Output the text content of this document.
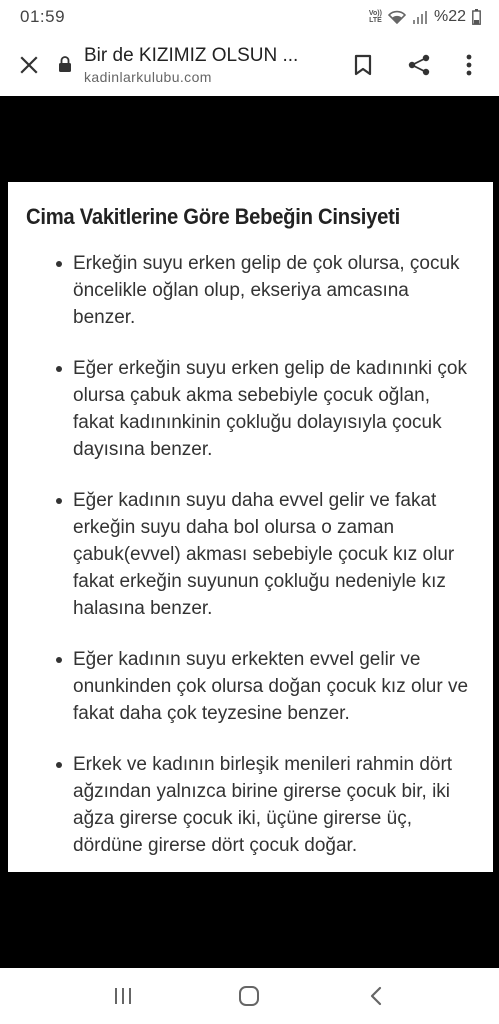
01:59	Vo))
LTE	%22
Bir de KIZIMIZ OLSUN ...
kadinlarkulubu.com
Cima Vakitlerine Göre Bebeğin Cinsiyeti
Erkeğin suyu erken gelip de çok olursa, çocuk öncelikle oğlan olup, ekseriya amcasına benzer.
Eğer erkeğin suyu erken gelip de kadınınki çok olursa çabuk akma sebebiyle çocuk oğlan, fakat kadınınkinin çokluğu dolayısıyla çocuk dayısına benzer.
Eğer kadının suyu daha evvel gelir ve fakat erkeğin suyu daha bol olursa o zaman çabuk(evvel) akması sebebiyle çocuk kız olur fakat erkeğin suyunun çokluğu nedeniyle kız halasına benzer.
Eğer kadının suyu erkekten evvel gelir ve onunkinden çok olursa doğan çocuk kız olur ve fakat daha çok teyzesine benzer.
Erkek ve kadının birleşik menileri rahmin dört ağzından yalnızca birine girerse çocuk bir, iki ağza girerse çocuk iki, üçüne girerse üç, dördüne girerse dört çocuk doğar.
